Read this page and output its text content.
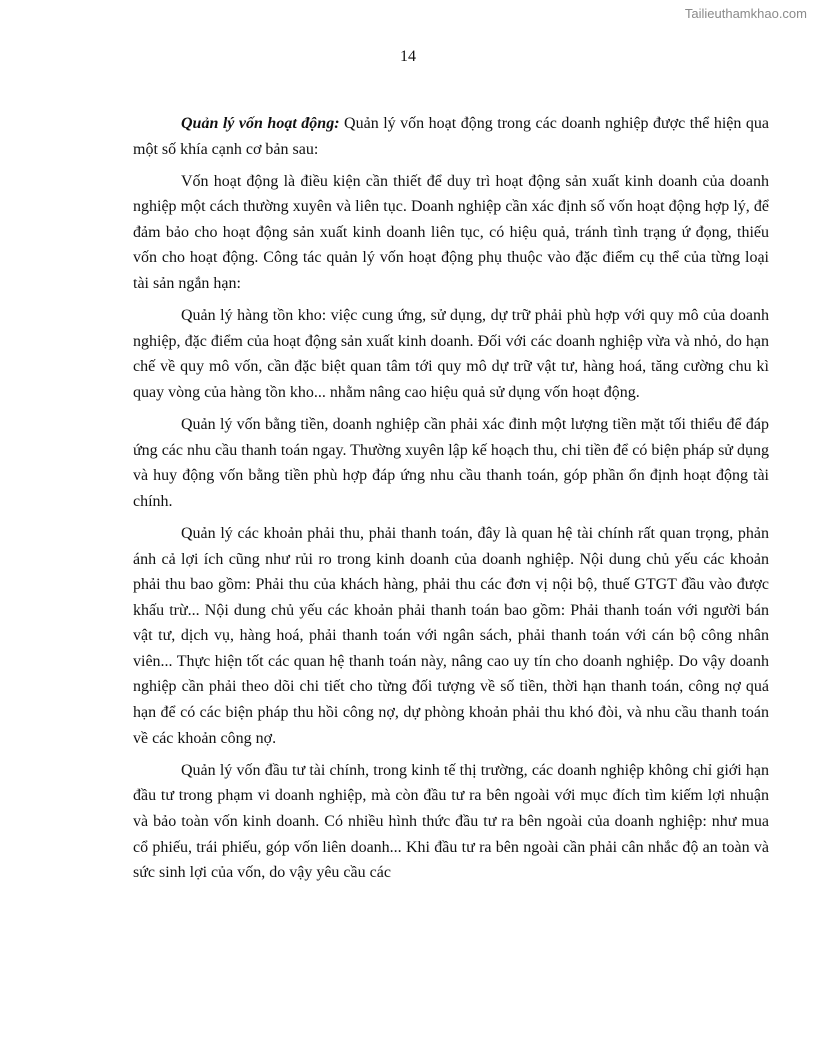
Tailieuthamkhao.com
14

Quản lý vốn hoạt động: Quản lý vốn hoạt động trong các doanh nghiệp được thể hiện qua một số khía cạnh cơ bản sau:

Vốn hoạt động là điều kiện cần thiết để duy trì hoạt động sản xuất kinh doanh của doanh nghiệp một cách thường xuyên và liên tục. Doanh nghiệp cần xác định số vốn hoạt động hợp lý, để đảm bảo cho hoạt động sản xuất kinh doanh liên tục, có hiệu quả, tránh tình trạng ứ đọng, thiếu vốn cho hoạt động. Công tác quản lý vốn hoạt động phụ thuộc vào đặc điểm cụ thể của từng loại tài sản ngắn hạn:

Quản lý hàng tồn kho: việc cung ứng, sử dụng, dự trữ phải phù hợp với quy mô của doanh nghiệp, đặc điểm của hoạt động sản xuất kinh doanh. Đối với các doanh nghiệp vừa và nhỏ, do hạn chế về quy mô vốn, cần đặc biệt quan tâm tới quy mô dự trữ vật tư, hàng hoá, tăng cường chu kì quay vòng của hàng tồn kho... nhằm nâng cao hiệu quả sử dụng vốn hoạt động.

Quản lý vốn bằng tiền, doanh nghiệp cần phải xác đinh một lượng tiền mặt tối thiểu để đáp ứng các nhu cầu thanh toán ngay. Thường xuyên lập kế hoạch thu, chi tiền để có biện pháp sử dụng và huy động vốn bằng tiền phù hợp đáp ứng nhu cầu thanh toán, góp phần ổn định hoạt động tài chính.

Quản lý các khoản phải thu, phải thanh toán, đây là quan hệ tài chính rất quan trọng, phản ánh cả lợi ích cũng như rủi ro trong kinh doanh của doanh nghiệp. Nội dung chủ yếu các khoản phải thu bao gồm: Phải thu của khách hàng, phải thu các đơn vị nội bộ, thuế GTGT đầu vào được khấu trừ... Nội dung chủ yếu các khoản phải thanh toán bao gồm: Phải thanh toán với người bán vật tư, dịch vụ, hàng hoá, phải thanh toán với ngân sách, phải thanh toán với cán bộ công nhân viên... Thực hiện tốt các quan hệ thanh toán này, nâng cao uy tín cho doanh nghiệp. Do vậy doanh nghiệp cần phải theo dõi chi tiết cho từng đối tượng về số tiền, thời hạn thanh toán, công nợ quá hạn để có các biện pháp thu hồi công nợ, dự phòng khoản phải thu khó đòi, và nhu cầu thanh toán về các khoản công nợ.

Quản lý vốn đầu tư tài chính, trong kinh tế thị trường, các doanh nghiệp không chỉ giới hạn đầu tư trong phạm vi doanh nghiệp, mà còn đầu tư ra bên ngoài với mục đích tìm kiếm lợi nhuận và bảo toàn vốn kinh doanh. Có nhiều hình thức đầu tư ra bên ngoài của doanh nghiệp: như mua cổ phiếu, trái phiếu, góp vốn liên doanh... Khi đầu tư ra bên ngoài cần phải cân nhắc độ an toàn và sức sinh lợi của vốn, do vậy yêu cầu các
